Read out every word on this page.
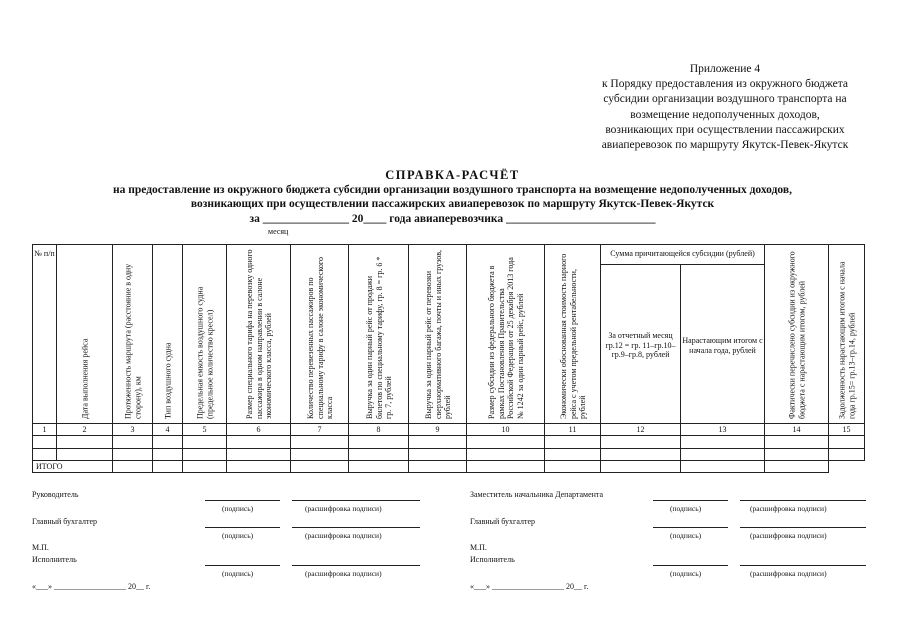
Приложение 4
к Порядку предоставления из окружного бюджета
субсидии организации воздушного транспорта на
возмещение недополученных доходов,
возникающих при осуществлении пассажирских
авиаперевозок по маршруту Якутск-Певек-Якутск
СПРАВКА-РАСЧЁТ
на предоставление из окружного бюджета субсидии организации воздушного транспорта на возмещение недополученных доходов,
возникающих при осуществлении пассажирских авиаперевозок по маршруту Якутск-Певек-Якутск
за _______________ 20____ года авиаперевозчика __________________________
месяц
№ п/п	Дата выполнения рейса	Протяженность маршрута (расстояние в одну сторону), км	Тип воздушного судна	Предельная емкость воздушного судна (предельное количество кресел)	Размер специального тарифа на перевозку одного пассажира в одном направлении в салоне экономического класса, рублей	Количество перевезенных пассажиров по специальному тарифу в салоне экономического класса	Выручка за один парный рейс от продажи билетов по специальному тарифу, гр. 8 = гр. 6 * гр. 7, рублей	Выручка за один парный рейс от перевозки сверхнормативного багажа, почты и иных грузов, рублей	Размер субсидии из федерального бюджета в рамках Постановления Правительства Российской Федерации от 25 декабря 2013 года № 1242 за один парный рейс, рублей	Экономически обоснованная стоимость парного рейса с учетом предельной рентабельности, рублей	Сумма причитающейся субсидии (рублей)		Фактически перечислено субсидии из окружного бюджета с нарастающим итогом, рублей	Задолженность нарастающим итогом с начала года гр.15= гр.13–гр.14, рублей

											За отчетный месяц гр.12 = гр. 11–гр.10– гр.9–гр.8, рублей	Нарастающим итогом с начала года, рублей		
1	2	3	4	5	6	7	8	9	10	11	12	13	14	15

ИТОГО														
Руководитель
(подпись)	(расшифровка подписи)
Главный бухгалтер
(подпись)	(расшифровка подписи)
М.П.
Исполнитель
(подпись)	(расшифровка подписи)
«___» __________________ 20__ г.
Заместитель начальника Департамента
(подпись)	(расшифровка подписи)
Главный бухгалтер
(подпись)	(расшифровка подписи)
М.П.
Исполнитель
(подпись)	(расшифровка подписи)
«___» __________________ 20__ г.
